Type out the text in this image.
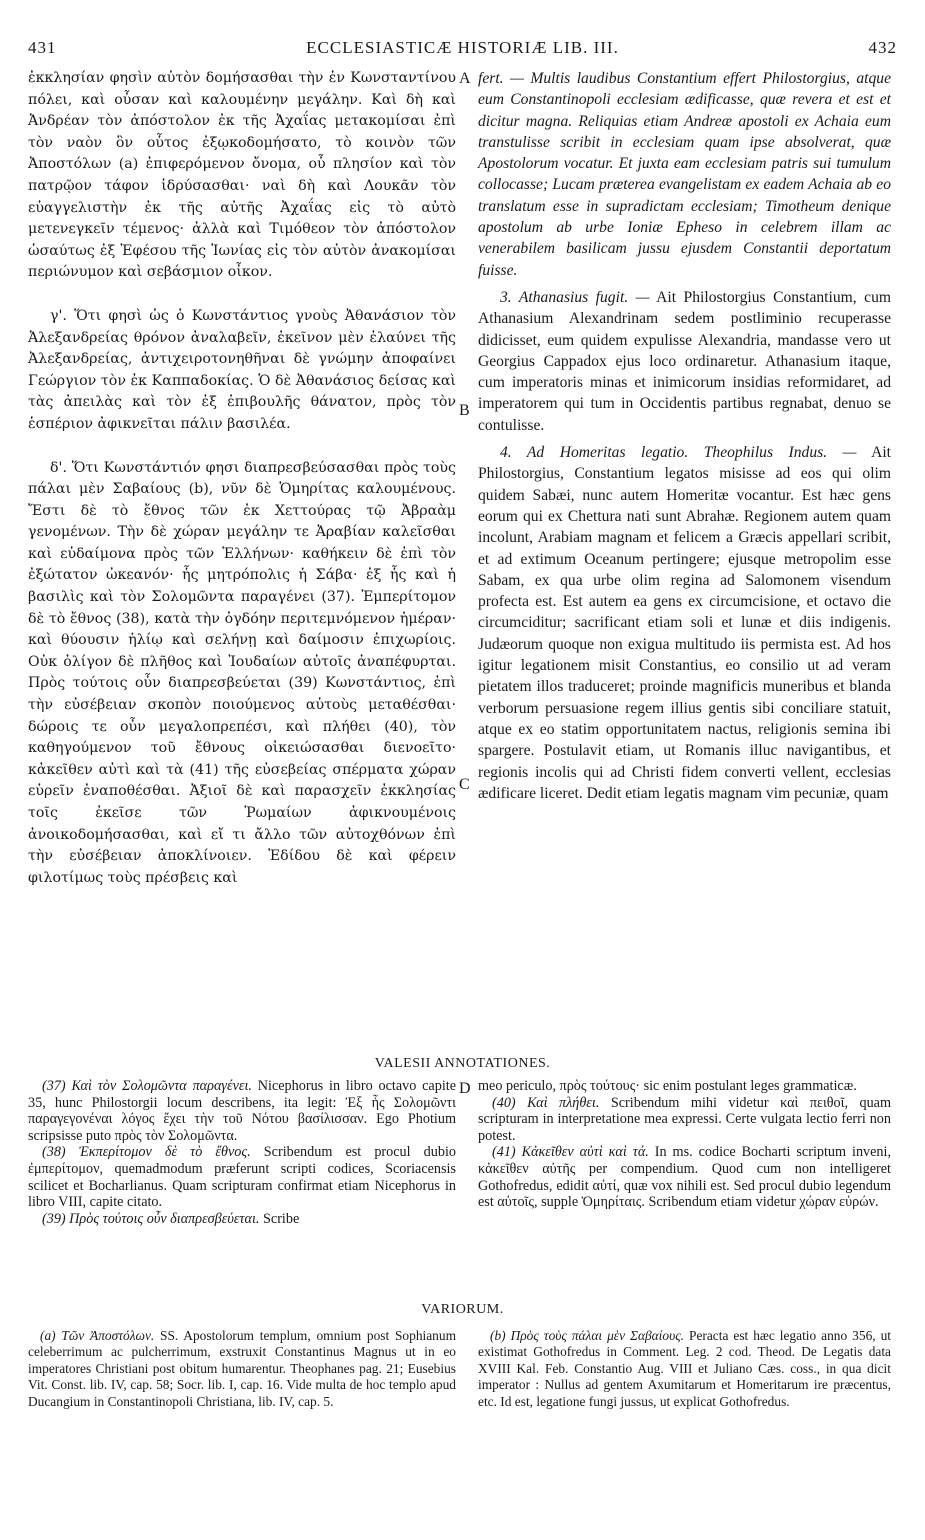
431	ECCLESIASTICÆ HISTORIÆ LIB. III.	432

ἐκκλησίαν φησὶν αὐτὸν δομήσασθαι τὴν ἐν Κωνσταντίνου πόλει, καὶ οὖσαν καὶ καλουμένην μεγάλην. Καὶ δὴ καὶ Ἀνδρέαν τὸν ἀπόστολον ἐκ τῆς Ἀχαΐας μετακομίσαι ἐπὶ τὸν ναὸν ὃν οὗτος ἐξῳκοδομήσατο, τὸ κοινὸν τῶν Ἀποστόλων (a) ἐπιφερόμενον ὄνομα, οὗ πλησίον καὶ τὸν πατρῷον τάφον ἱδρύσασθαι· ναὶ δὴ καὶ Λουκᾶν τὸν εὐαγγελιστὴν ἐκ τῆς αὐτῆς Ἀχαΐας εἰς τὸ αὐτὸ μετενεγκεῖν τέμενος· ἀλλὰ καὶ Τιμόθεον τὸν ἀπόστολον ὡσαύτως ἐξ Ἐφέσου τῆς Ἰωνίας εἰς τὸν αὐτὸν ἀνακομίσαι περιώνυμον καὶ σεβάσμιον οἶκον.

γ'. Ὅτι φησὶ ὡς ὁ Κωνστάντιος γνοὺς Ἀθανάσιον τὸν Ἀλεξανδρείας θρόνον ἀναλαβεῖν, ἐκεῖνον μὲν ἐλαύνει τῆς Ἀλεξανδρείας, ἀντιχειροτονηθῆναι δὲ γνώμην ἀποφαίνει Γεώργιον τὸν ἐκ Καππαδοκίας. Ὁ δὲ Ἀθανάσιος δείσας καὶ τὰς ἀπειλὰς καὶ τὸν ἐξ ἐπιβουλῆς θάνατον, πρὸς τὸν ἑσπέριον ἀφικνεῖται πάλιν βασιλέα.

δ'. Ὅτι Κωνστάντιόν φησι διαπρεσβεύσασθαι πρὸς τοὺς πάλαι μὲν Σαβαίους (b), νῦν δὲ Ὁμηρίτας καλουμένους. Ἔστι δὲ τὸ ἔθνος τῶν ἐκ Χεττούρας τῷ Ἀβραὰμ γενομένων. Τὴν δὲ χώραν μεγάλην τε Ἀραβίαν καλεῖσθαι καὶ εὐδαίμονα πρὸς τῶν Ἑλλήνων· καθήκειν δὲ ἐπὶ τὸν ἐξώτατον ὠκεανόν· ἧς μητρόπολις ἡ Σάβα· ἐξ ἧς καὶ ἡ βασιλὶς καὶ τὸν Σολομῶντα παραγένει (37). Ἐμπερίτομον δὲ τὸ ἔθνος (38), κατὰ τὴν ὀγδόην περιτεμνόμενον ἡμέραν· καὶ θύουσιν ἡλίῳ καὶ σελήνῃ καὶ δαίμοσιν ἐπιχωρίοις. Οὐκ ὀλίγον δὲ πλῆθος καὶ Ἰουδαίων αὐτοῖς ἀναπέφυρται. Πρὸς τούτοις οὖν διαπρεσβεύεται (39) Κωνστάντιος, ἐπὶ τὴν εὐσέβειαν σκοπὸν ποιούμενος αὐτοὺς μεταθέσθαι· δώροις τε οὖν μεγαλοπρεπέσι, καὶ πλήθει (40), τὸν καθηγούμενον τοῦ ἔθνους οἰκειώσασθαι διενοεῖτο· κἀκεῖθεν αὐτὶ καὶ τὰ (41) τῆς εὐσεβείας σπέρματα χώραν εὑρεῖν ἐναποθέσθαι. Ἀξιοῖ δὲ καὶ παρασχεῖν ἐκκλησίας τοῖς ἐκεῖσε τῶν Ῥωμαίων ἀφικνουμένοις ἀνοικοδομήσασθαι, καὶ εἴ τι ἄλλο τῶν αὐτοχθόνων ἐπὶ τὴν εὐσέβειαν ἀποκλίνοιεν. Ἐδίδου δὲ καὶ φέρειν φιλοτίμως τοὺς πρέσβεις καὶ

A
B
C
D

fert. — Multis laudibus Constantium effert Philostorgius, atque eum Constantinopoli ecclesiam ædificasse, quæ revera et est et dicitur magna. Reliquias etiam Andreæ apostoli ex Achaia eum transtulisse scribit in ecclesiam quam ipse absolverat, quæ Apostolorum vocatur. Et juxta eam ecclesiam patris sui tumulum collocasse; Lucam præterea evangelistam ex eadem Achaia ab eo translatum esse in supradictam ecclesiam; Timotheum denique apostolum ab urbe Ioniæ Epheso in celebrem illam ac venerabilem basilicam jussu ejusdem Constantii deportatum fuisse.

3. Athanasius fugit. — Ait Philostorgius Constantium, cum Athanasium Alexandrinam sedem postliminio recuperasse didicisset, eum quidem expulisse Alexandria, mandasse vero ut Georgius Cappadox ejus loco ordinaretur. Athanasium itaque, cum imperatoris minas et inimicorum insidias reformidaret, ad imperatorem qui tum in Occidentis partibus regnabat, denuo se contulisse.

4. Ad Homeritas legatio. Theophilus Indus. — Ait Philostorgius, Constantium legatos misisse ad eos qui olim quidem Sabæi, nunc autem Homeritæ vocantur. Est hæc gens eorum qui ex Chettura nati sunt Abrahæ. Regionem autem quam incolunt, Arabiam magnam et felicem a Græcis appellari scribit, et ad extimum Oceanum pertingere; ejusque metropolim esse Sabam, ex qua urbe olim regina ad Salomonem visendum profecta est. Est autem ea gens ex circumcisione, et octavo die circumciditur; sacrificant etiam soli et lunæ et diis indigenis. Judæorum quoque non exigua multitudo iis permista est. Ad hos igitur legationem misit Constantius, eo consilio ut ad veram pietatem illos traduceret; proinde magnificis muneribus et blanda verborum persuasione regem illius gentis sibi conciliare statuit, atque ex eo statim opportunitatem nactus, religionis semina ibi spargere. Postulavit etiam, ut Romanis illuc navigantibus, et regionis incolis qui ad Christi fidem converti vellent, ecclesias ædificare liceret. Dedit etiam legatis magnam vim pecuniæ, quam

VALESII ANNOTATIONES.

(37) Καὶ τὸν Σολομῶντα παραγένει. Nicephorus in libro octavo capite 35, hunc Philostorgii locum describens, ita legit: Ἐξ ἧς Σολομῶντι παραγεγονέναι λόγος ἔχει τὴν τοῦ Νότου βασίλισσαν. Ego Photium scripsisse puto πρὸς τὸν Σολομῶντα.

(38) Ἐκπερίτομον δὲ τὸ ἔθνος. Scribendum est procul dubio ἐμπερίτομον, quemadmodum præferunt scripti codices, Scoriacensis scilicet et Bocharlianus. Quam scripturam confirmat etiam Nicephorus in libro VIII, capite citato.

(39) Πρὸς τούτοις οὖν διαπρεσβεύεται. Scribe

meo periculo, πρὸς τούτους· sic enim postulant leges grammaticæ.

(40) Καὶ πλήθει. Scribendum mihi videtur καὶ πειθοῖ, quam scripturam in interpretatione mea expressi. Certe vulgata lectio ferri non potest.

(41) Κἀκεῖθεν αὐτὶ καὶ τά. In ms. codice Bocharti scriptum inveni, κἀκεῖθεν αὐτῆς per compendium. Quod cum non intelligeret Gothofredus, edidit αὐτί, quæ vox nihili est. Sed procul dubio legendum est αὐτοῖς, supple Ὁμηρίταις. Scribendum etiam videtur χώραν εὑρών.

VARIORUM.

(a) Τῶν Ἀποστόλων. SS. Apostolorum templum, omnium post Sophianum celeberrimum ac pulcherrimum, exstruxit Constantinus Magnus ut in eo imperatores Christiani post obitum humarentur. Theophanes pag. 21; Eusebius Vit. Const. lib. IV, cap. 58; Socr. lib. I, cap. 16. Vide multa de hoc templo apud Ducangium in Constantinopoli Christiana, lib. IV, cap. 5.

(b) Πρὸς τοὺς πάλαι μὲν Σαβαίους. Peracta est hæc legatio anno 356, ut existimat Gothofredus in Comment. Leg. 2 cod. Theod. De Legatis data XVIII Kal. Feb. Constantio Aug. VIII et Juliano Cæs. coss., in qua dicit imperator : Nullus ad gentem Axumitarum et Homeritarum ire præcentus, etc. Id est, legatione fungi jussus, ut explicat Gothofredus.
